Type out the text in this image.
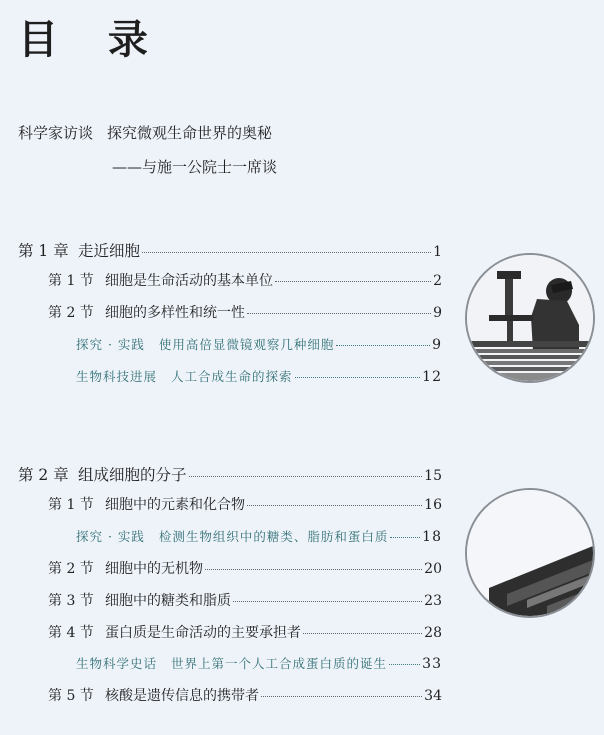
目 录
科学家访谈 探究微观生命世界的奥秘
——与施一公院士一席谈
第 1 章 走近细胞	1
第 1 节 细胞是生命活动的基本单位	2
第 2 节 细胞的多样性和统一性	9
探究 · 实践 使用高倍显微镜观察几种细胞	9
生物科技进展 人工合成生命的探索	12
第 2 章 组成细胞的分子	15
第 1 节 细胞中的元素和化合物	16
探究 · 实践 检测生物组织中的糖类、脂肪和蛋白质 18
第 2 节 细胞中的无机物	20
第 3 节 细胞中的糖类和脂质	23
第 4 节 蛋白质是生命活动的主要承担者	28
生物科学史话 世界上第一个人工合成蛋白质的诞生	33
第 5 节 核酸是遗传信息的携带者	34
